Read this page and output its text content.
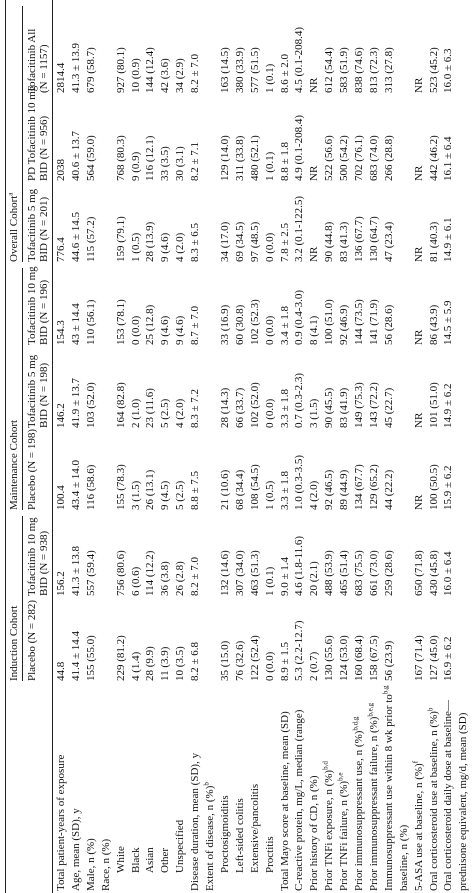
Induction Cohort
Maintenance Cohort
Overall Cohort$^a$
Placebo (N = 282)
Tofacitinib 10 mg BID (N = 938)
Placebo (N = 198)
Tofacitinib 5 mg BID (N = 198)
Tofacitinib 10 mg BID (N = 196)
Tofacitinib 5 mg BID (N = 201)
PD Tofacitinib 10 mg BID (N = 956)
Tofacitinib All (N = 1157)
Total patient-years of exposure
44.8
156.2
100.4
146.2
154.3
776.4
2038
2814.4
Age, mean (SD), y
41.4 ± 14.4
41.3 ± 13.8
43.4 ± 14.0
41.9 ± 13.7
43 ± 14.4
44.6 ± 14.5
40.6 ± 13.7
41.3 ± 13.9
Male, n (%)
155 (55.0)
557 (59.4)
116 (58.6)
103 (52.0)
110 (56.1)
115 (57.2)
564 (59.0)
679 (58.7)
Race, n (%) White
229 (81.2)
756 (80.6)
155 (78.3)
164 (82.8)
153 (78.1)
159 (79.1)
768 (80.3)
927 (80.1)
Black
4 (1.4)
6 (0.6)
3 (1.5)
2 (1.0)
0 (0.0)
1 (0.5)
9 (0.9)
10 (0.9)
Asian
28 (9.9)
114 (12.2)
26 (13.1)
23 (11.6)
25 (12.8)
28 (13.9)
116 (12.1)
144 (12.4)
Other
11 (3.9)
36 (3.8)
9 (4.5)
5 (2.5)
9 (4.6)
9 (4.6)
33 (3.5)
42 (3.6)
Unspecified
10 (3.5)
26 (2.8)
5 (2.5)
4 (2.0)
9 (4.6)
4 (2.0)
30 (3.1)
34 (2.9)
Disease duration, mean (SD), y
8.2 ± 6.8
8.2 ± 7.0
8.8 ± 7.5
8.3 ± 7.2
8.7 ± 7.0
8.3 ± 6.5
8.2 ± 7.1
8.2 ± 7.0
Extent of disease, n (%)$^b$
Proctosigmoiditis
35 (15.0)
132 (14.6)
21 (10.6)
28 (14.3)
33 (16.9)
34 (17.0)
129 (14.0)
163 (14.5)
Left-sided colitis
76 (32.6)
307 (34.0)
68 (34.4)
66 (33.7)
60 (30.8)
69 (34.5)
311 (33.8)
380 (33.9)
Extensive/pancolitis
122 (52.4)
463 (51.3)
108 (54.5)
102 (52.0)
102 (52.3)
97 (48.5)
480 (52.1)
577 (51.5)
Proctitis
0 (0.0)
1 (0.1)
1 (0.5)
0 (0.0)
0 (0.0)
0 (0.0)
1 (0.1)
1 (0.1)
Total Mayo score at baseline, mean (SD)
8.9 ± 1.5
9.0 ± 1.4
3.3 ± 1.8
3.3 ± 1.8
3.4 ± 1.8
7.8 ± 2.5
8.8 ± 1.8
8.6 ± 2.0
C-reactive protein, mg/L, median (range)
5.3 (2.2-12.7)
4.6 (1.8-11.6)
1.0 (0.3-3.5)
0.7 (0.3-2.3)
0.9 (0.4-3.0)
3.2 (0.1-122.5)
4.9 (0.1-208.4)
4.5 (0.1-208.4)
Prior history of CD, n (%)
2 (0.7)
20 (2.1)
4 (2.0)
3 (1.5)
8 (4.1)
NR
NR
NR
Prior TNFi exposure, n (%)$^{b,d}$
130 (55.6)
488 (53.9)
92 (46.5)
90 (45.5)
100 (51.0)
90 (44.8)
522 (56.6)
612 (54.4)
Prior TNFi failure, n (%)$^{b,e}$
124 (53.0)
465 (51.4)
89 (44.9)
83 (41.9)
92 (46.9)
83 (41.3)
500 (54.2)
583 (51.9)
Prior immunosuppressant use, n (%)$^{b,d,g}$
160 (68.4)
683 (75.5)
134 (67.7)
149 (75.3)
144 (73.5)
136 (67.7)
702 (76.1)
838 (74.6)
Prior immunosuppressant failure, n (%)$^{b,e,g}$
158 (67.5)
661 (73.0)
129 (65.2)
143 (72.2)
141 (71.9)
130 (64.7)
683 (74.0)
813 (72.3)
Immunosuppressant use within 8 wk prior to$^{b,g}$
baseline, n (%)
56 (23.9)
259 (28.6)
44 (22.2)
45 (22.7)
56 (28.6)
47 (23.4)
266 (28.8)
313 (27.8)
5-ASA use at baseline, n (%)$^f$
167 (71.4)
650 (71.8)
NR
NR
NR
NR
NR
NR
Oral corticosteroid use at baseline, n (%)$^b$
127 (45.0)
430 (45.8)
100 (50.5)
101 (51.0)
86 (43.9)
81 (40.3)
442 (46.2)
523 (45.2)
Oral corticosteroid daily dose at baseline— prednisone equivalent, mg/d, mean (SD)
16.9 ± 6.2
16.0 ± 6.4
15.9 ± 6.2
14.9 ± 6.2
14.5 ± 5.9
14.9 ± 6.1
16.1 ± 6.4
16.0 ± 6.3
